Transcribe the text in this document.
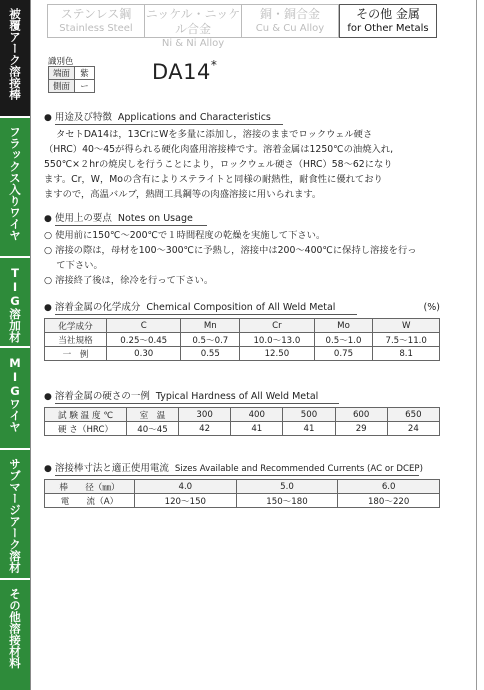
被覆アーク溶接棒
フラックス入りワイヤ
TIG溶加材
MIGワイヤ
サブマージアーク溶材
その他溶接材料
ステンレス鋼
Stainless Steel
ニッケル・ニッケル合金
Ni & Ni Alloy
銅・銅合金
Cu & Cu Alloy
その他 金属
for Other Metals
識別色
端面	紫
側面	ー
DA14*
● 用途及び特徴 Applications and Characteristics

タセトDA14は，13CrにWを多量に添加し，溶接のままでロックウェル硬さ

（HRC）40～45が得られる硬化肉盛用溶接棒です。溶着金属は1250℃の油焼入れ,

550℃×２hrの焼戻しを行うことにより，ロックウェル硬さ（HRC）58～62になり

ます。Cr，W，Moの含有によりステライトと同様の耐熱性，耐食性に優れており

ますので，高温バルブ，熱間工具鋼等の肉盛溶接に用いられます。

● 使用上の要点 Notes on Usage

○ 使用前に150℃～200℃で１時間程度の乾燥を実施して下さい。

○ 溶接の際は，母材を100～300℃に予熱し，溶接中は200～400℃に保持し溶接を行っ

　 て下さい。

○ 溶接終了後は，徐冷を行って下さい。

● 溶着金属の化学成分 Chemical Composition of All Weld Metal	(%)
化学成分	C	Mn	Cr	Mo	W
当社規格	0.25～0.45	0.5～0.7	10.0～13.0	0.5～1.0	7.5～11.0
一　例	0.30	0.55	12.50	0.75	8.1
● 溶着金属の硬さの一例 Typical Hardness of All Weld Metal
試 験 温 度 ℃	室　温	300	400	500	600	650
硬 さ（HRC）	40～45	42	41	41	29	24
● 溶接棒寸法と適正使用電流 Sizes Available and Recommended Currents (AC or DCEP)
棒　　径（㎜）	4.0	5.0	6.0
電　　流（A）	120～150	150～180	180～220
